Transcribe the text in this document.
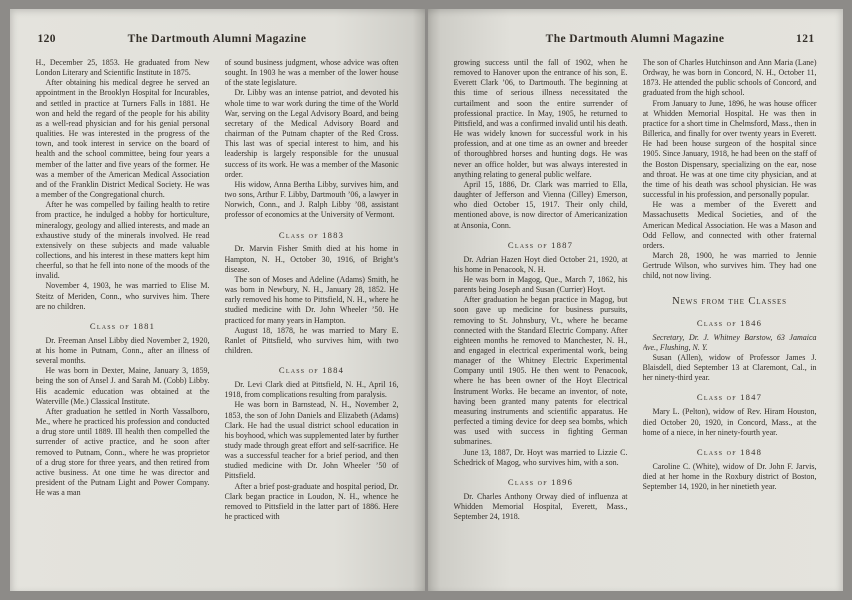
120	The Dartmouth Alumni Magazine
H., December 25, 1853. He graduated from New London Literary and Scientific Institute in 1875.
After obtaining his medical degree he served an appointment in the Brooklyn Hospital for Incurables, and settled in practice at Turners Falls in 1881. He won and held the regard of the people for his ability as a well-read physician and for his genial personal qualities. He was interested in the progress of the town, and took interest in service on the board of health and the school committee, being four years a member of the latter and five years of the former. He was a member of the American Medical Association and of the Franklin District Medical Society. He was a member of the Congregational church.
After he was compelled by failing health to retire from practice, he indulged a hobby for horticulture, mineralogy, geology and allied interests, and made an exhaustive study of the minerals involved. He read extensively on these subjects and made valuable collections, and his interest in these matters kept him cheerful, so that he fell into none of the moods of the invalid.
November 4, 1903, he was married to Elise M. Steitz of Meriden, Conn., who survives him. There are no children.
Class of 1881
Dr. Freeman Ansel Libby died November 2, 1920, at his home in Putnam, Conn., after an illness of several months.
He was born in Dexter, Maine, January 3, 1859, being the son of Ansel J. and Sarah M. (Cobb) Libby. His academic education was obtained at the Waterville (Me.) Classical Institute.
After graduation he settled in North Vassalboro, Me., where he practiced his profession and conducted a drug store until 1889. Ill health then compelled the surrender of active practice, and he soon after removed to Putnam, Conn., where he was proprietor of a drug store for three years, and then retired from active business. At one time he was director and president of the Putnam Light and Power Company. He was a man
of sound business judgment, whose advice was often sought. In 1903 he was a member of the lower house of the state legislature.
Dr. Libby was an intense patriot, and devoted his whole time to war work during the time of the World War, serving on the Legal Advisory Board, and being secretary of the Medical Advisory Board and chairman of the Putnam chapter of the Red Cross. This last was of special interest to him, and his leadership is largely responsible for the unusual success of its work. He was a member of the Masonic order.
His widow, Anna Bertha Libby, survives him, and two sons, Arthur F. Libby, Dartmouth ’06, a lawyer in Norwich, Conn., and J. Ralph Libby ’08, assistant professor of economics at the University of Vermont.
Class of 1883
Dr. Marvin Fisher Smith died at his home in Hampton, N. H., October 30, 1916, of Bright’s disease.
The son of Moses and Adeline (Adams) Smith, he was born in Newbury, N. H., January 28, 1852. He early removed his home to Pittsfield, N. H., where he studied medicine with Dr. John Wheeler ’50. He practiced for many years in Hampton.
August 18, 1878, he was married to Mary E. Ranlet of Pittsfield, who survives him, with two children.
Class of 1884
Dr. Levi Clark died at Pittsfield, N. H., April 16, 1918, from complications resulting from paralysis.
He was born in Barnstead, N. H., November 2, 1853, the son of John Daniels and Elizabeth (Adams) Clark. He had the usual district school education in his boyhood, which was supplemented later by further study made through great effort and self-sacrifice. He was a successful teacher for a brief period, and then studied medicine with Dr. John Wheeler ’50 of Pittsfield.
After a brief post-graduate and hospital period, Dr. Clark began practice in Loudon, N. H., whence he removed to Pittsfield in the latter part of 1886. Here he practiced with
The Dartmouth Alumni Magazine	121
growing success until the fall of 1902, when he removed to Hanover upon the entrance of his son, E. Everett Clark ’06, to Dartmouth. The beginning at this time of serious illness necessitated the curtailment and soon the entire surrender of professional practice. In May, 1905, he returned to Pittsfield, and was a confirmed invalid until his death. He was widely known for successful work in his profession, and at one time as an owner and breeder of thoroughbred horses and hunting dogs. He was never an office holder, but was always interested in anything relating to general public welfare.
April 15, 1886, Dr. Clark was married to Ella, daughter of Jefferson and Vienna (Cilley) Emerson, who died October 15, 1917. Their only child, mentioned above, is now director of Americanization at Ansonia, Conn.
Class of 1887
Dr. Adrian Hazen Hoyt died October 21, 1920, at his home in Penacook, N. H.
He was born in Magog, Que., March 7, 1862, his parents being Joseph and Susan (Currier) Hoyt.
After graduation he began practice in Magog, but soon gave up medicine for business pursuits, removing to St. Johnsbury, Vt., where he became connected with the Standard Electric Company. After eighteen months he removed to Manchester, N. H., and engaged in electrical experimental work, being manager of the Whitney Electric Experimental Company until 1905. He then went to Penacook, where he has been owner of the Hoyt Electrical Instrument Works. He became an inventor, of note, having been granted many patents for electrical measuring instruments and scientific apparatus. He perfected a timing device for deep sea bombs, which was used with success in fighting German submarines.
June 13, 1887, Dr. Hoyt was married to Lizzie C. Schedrick of Magog, who survives him, with a son.
Class of 1896
Dr. Charles Anthony Orway died of influenza at Whidden Memorial Hospital, Everett, Mass., September 24, 1918.
The son of Charles Hutchinson and Ann Maria (Lane) Ordway, he was born in Concord, N. H., October 11, 1873. He attended the public schools of Concord, and graduated from the high school.
From January to June, 1896, he was house officer at Whidden Memorial Hospital. He was then in practice for a short time in Chelmsford, Mass., then in Billerica, and finally for over twenty years in Everett. He had been house surgeon of the hospital since 1905. Since January, 1918, he had been on the staff of the Boston Dispensary, specializing on the ear, nose and throat. He was at one time city physician, and at the time of his death was school physician. He was successful in his profession, and personally popular.
He was a member of the Everett and Massachusetts Medical Societies, and of the American Medical Association. He was a Mason and Odd Fellow, and connected with other fraternal orders.
March 28, 1900, he was married to Jennie Gertrude Wilson, who survives him. They had one child, not now living.
News from the Classes
Class of 1846
Secretary, Dr. J. Whitney Barstow, 63 Jamaica Ave., Flushing, N. Y.
Susan (Allen), widow of Professor James J. Blaisdell, died September 13 at Claremont, Cal., in her ninety-third year.
Class of 1847
Mary L. (Pelton), widow of Rev. Hiram Houston, died October 20, 1920, in Concord, Mass., at the home of a niece, in her ninety-fourth year.
Class of 1848
Caroline C. (White), widow of Dr. John F. Jarvis, died at her home in the Roxbury district of Boston, September 14, 1920, in her ninetieth year.
